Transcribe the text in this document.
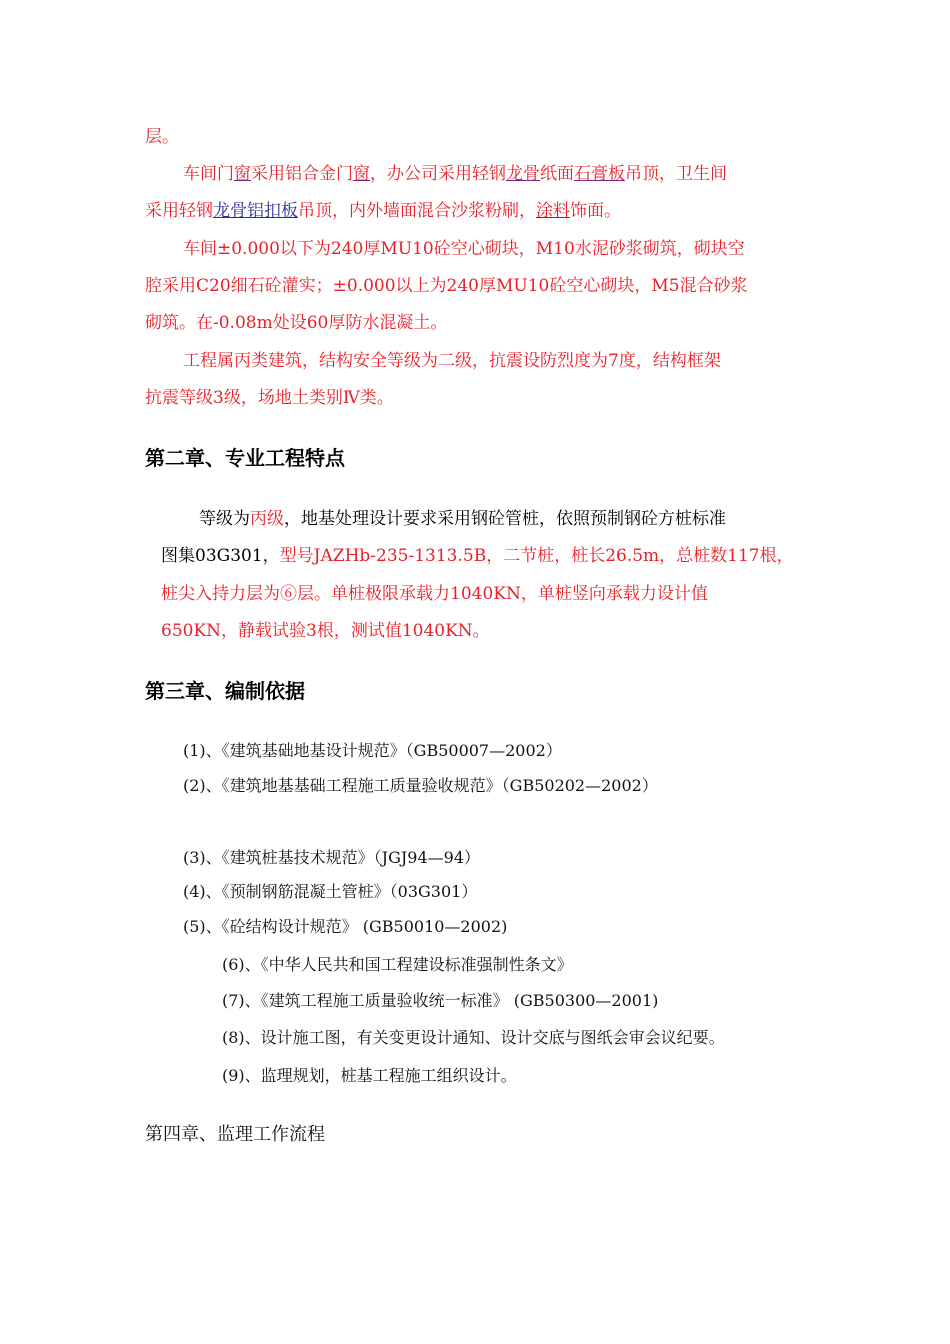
层。
车间门窗采用铝合金门窗，办公司采用轻钢龙骨纸面石膏板吊顶，卫生间
采用轻钢龙骨铝扣板吊顶，内外墙面混合沙浆粉刷，涂料饰面。
车间±0.000以下为240厚MU10砼空心砌块，M10水泥砂浆砌筑，砌块空
腔采用C20细石砼灌实；±0.000以上为240厚MU10砼空心砌块，M5混合砂浆
砌筑。在-0.08m处设60厚防水混凝土。
工程属丙类建筑，结构安全等级为二级，抗震设防烈度为7度，结构框架
抗震等级3级，场地土类别Ⅳ类。
第二章、专业工程特点
等级为丙级，地基处理设计要求采用钢砼管桩，依照预制钢砼方桩标准
图集03G301，型号JAZHb-235-1313.5B，二节桩，桩长26.5m，总桩数117根，
桩尖入持力层为⑥层。单桩极限承载力1040KN，单桩竖向承载力设计值
650KN，静载试验3根，测试值1040KN。
第三章、编制依据
(1)、《建筑基础地基设计规范》（GB50007—2002）
(2)、《建筑地基基础工程施工质量验收规范》（GB50202—2002）
(3)、《建筑桩基技术规范》（JGJ94—94）
(4)、《预制钢筋混凝土管桩》（03G301）
(5)、《砼结构设计规范》 (GB50010—2002)
(6)、《中华人民共和国工程建设标准强制性条文》
(7)、《建筑工程施工质量验收统一标准》 (GB50300—2001)
(8)、设计施工图，有关变更设计通知、设计交底与图纸会审会议纪要。
(9)、监理规划，桩基工程施工组织设计。
第四章、监理工作流程
